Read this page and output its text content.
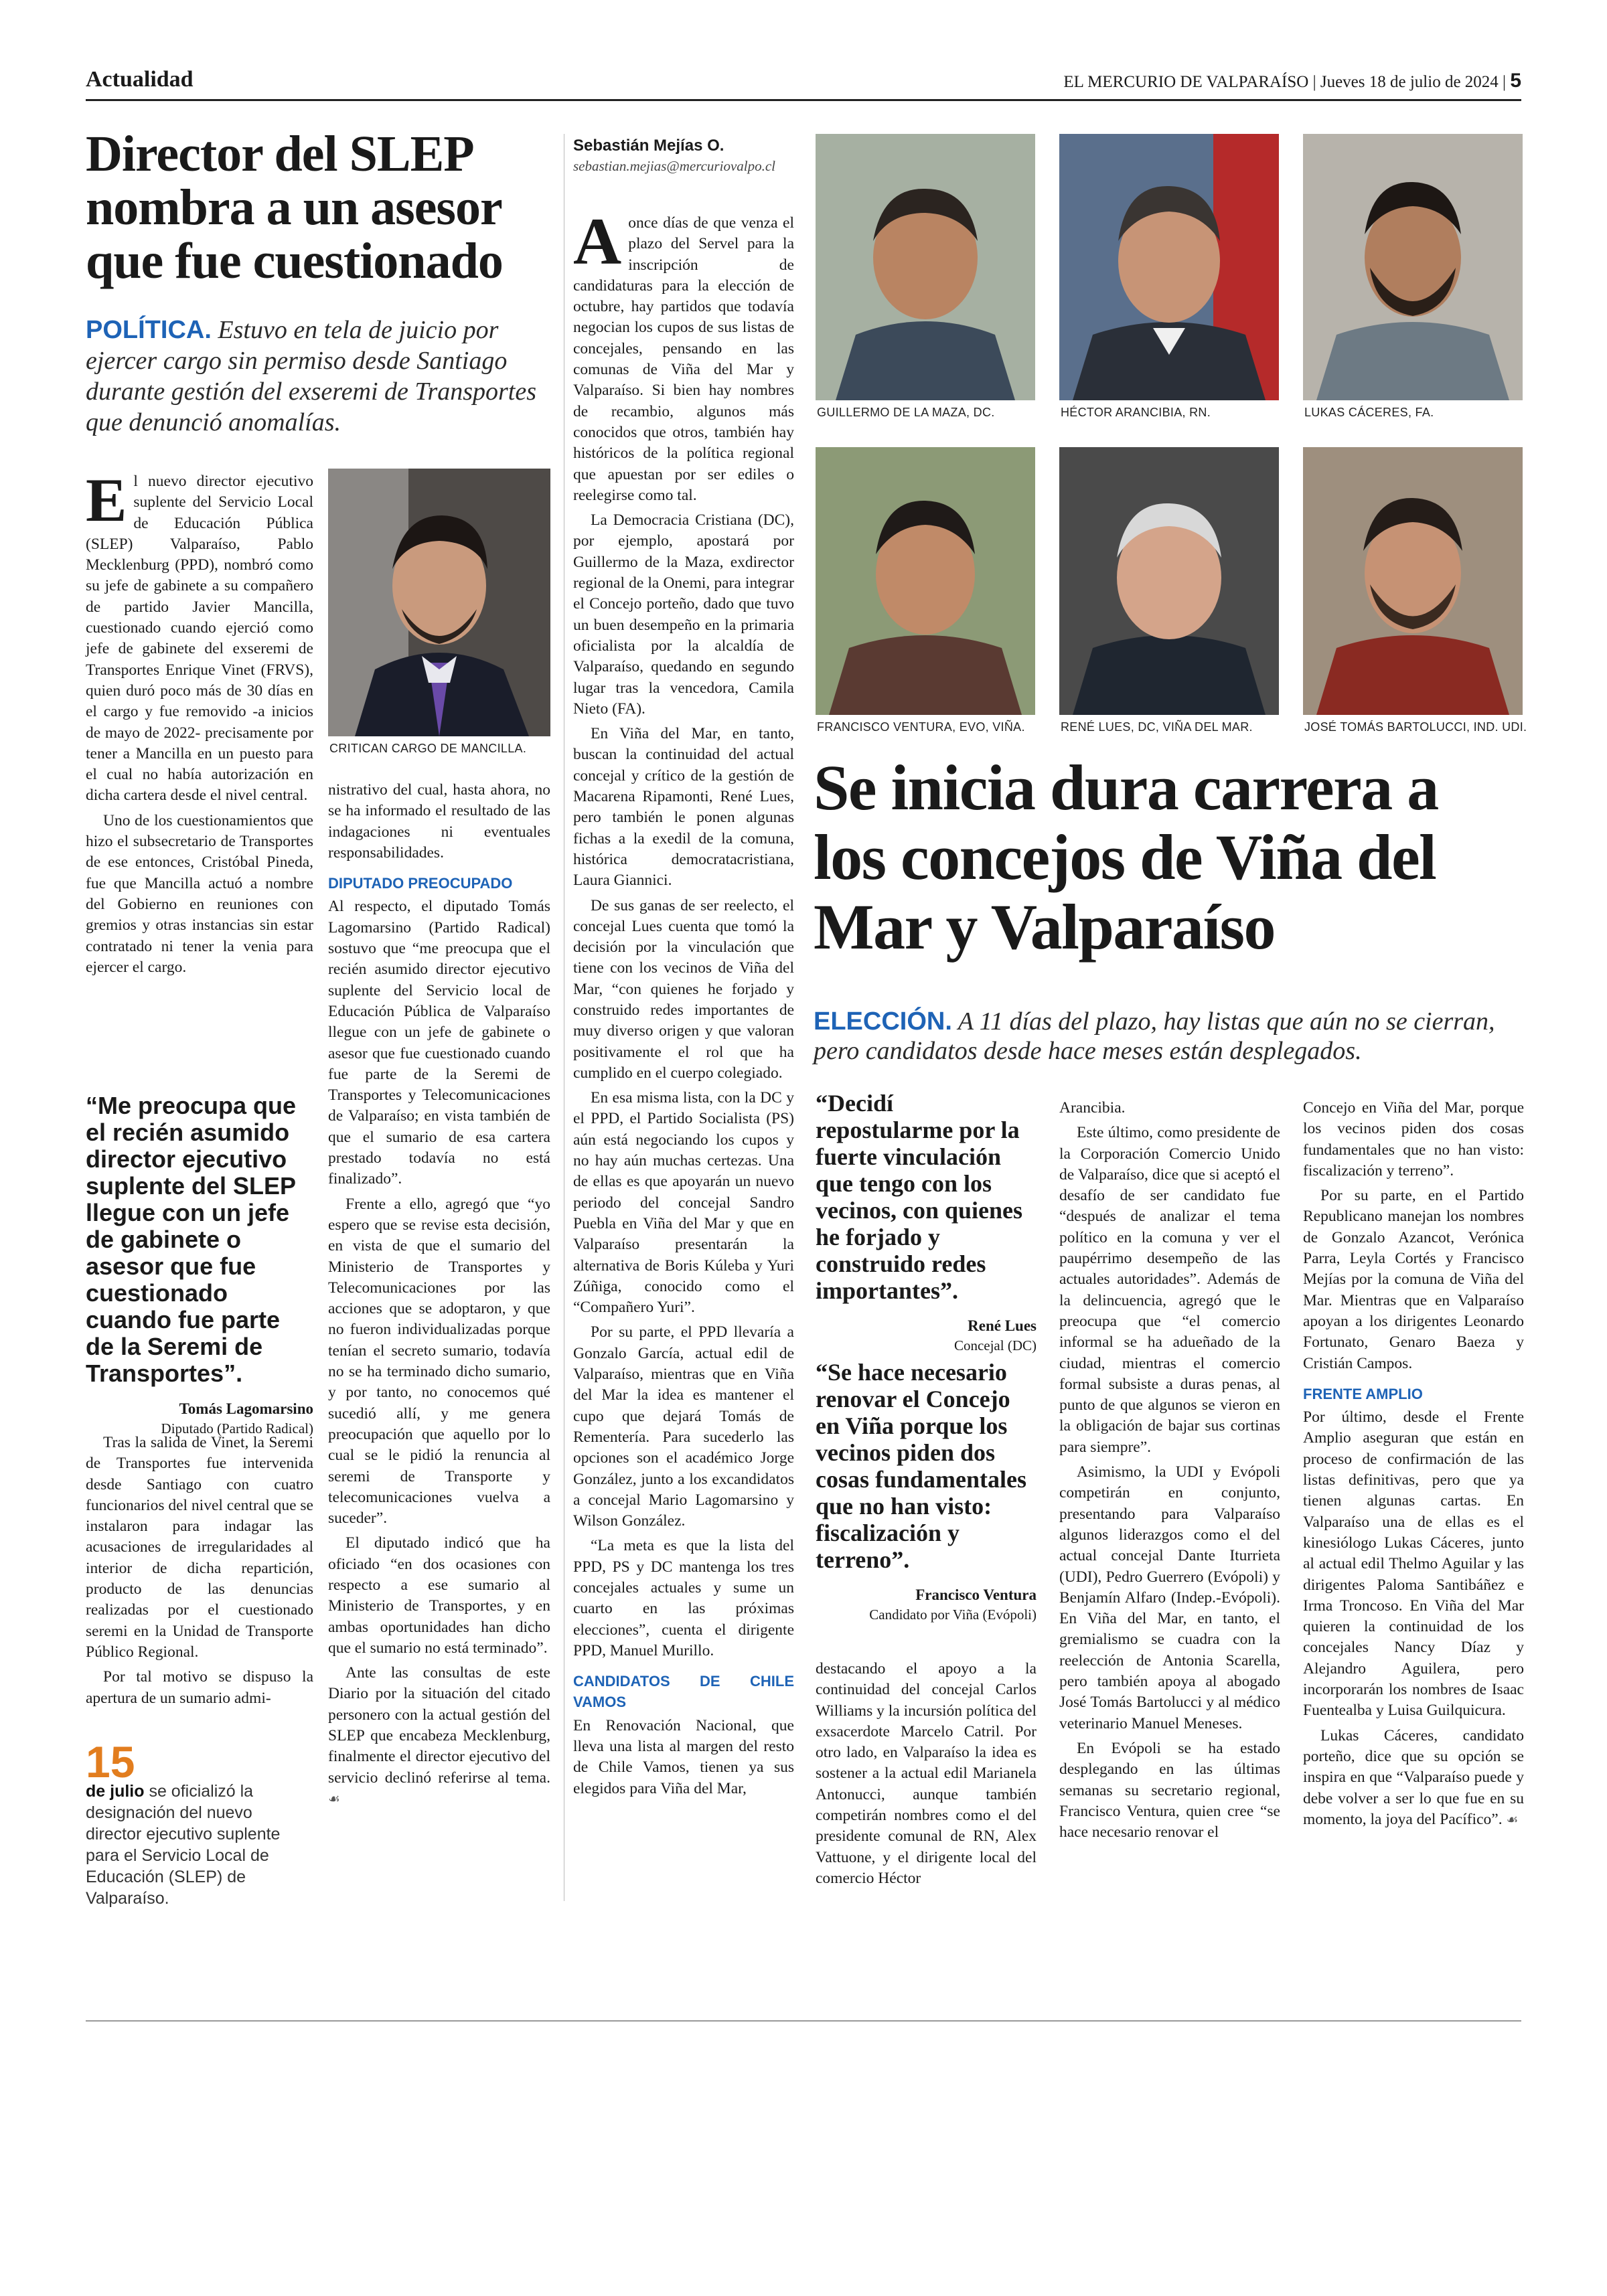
Actualidad	EL MERCURIO DE VALPARAÍSO | Jueves 18 de julio de 2024 | 5
Director del SLEP nombra a un asesor que fue cuestionado
POLÍTICA. Estuvo en tela de juicio por ejercer cargo sin permiso desde Santiago durante gestión del exseremi de Transportes que denunció anomalías.
CRITICAN CARGO DE MANCILLA.

El nuevo director ejecutivo suplente del Servicio Local de Educación Pública (SLEP) Valparaíso, Pablo Mecklenburg (PPD), nombró como su jefe de gabinete a su compañero de partido Javier Mancilla, cuestionado cuando ejerció como jefe de gabinete del exseremi de Transportes Enrique Vinet (FRVS), quien duró poco más de 30 días en el cargo y fue removido -a inicios de mayo de 2022- precisamente por tener a Mancilla en un puesto para el cual no había autorización en dicha cartera desde el nivel central.

Uno de los cuestionamientos que hizo el subsecretario de Transportes de ese entonces, Cristóbal Pineda, fue que Mancilla actuó a nombre del Gobierno en reuniones con gremios y otras instancias sin estar contratado ni tener la venia para ejercer el cargo.

“Me preocupa que el recién asumido director ejecutivo suplente del SLEP llegue con un jefe de gabinete o asesor que fue cuestionado cuando fue parte de la Seremi de Transportes”.
Tomás Lagomarsino
Diputado (Partido Radical)

Tras la salida de Vinet, la Seremi de Transportes fue intervenida desde Santiago con cuatro funcionarios del nivel central que se instalaron para indagar las acusaciones de irregularidades al interior de dicha repartición, producto de las denuncias realizadas por el cuestionado seremi en la Unidad de Transporte Público Regional.

Por tal motivo se dispuso la apertura de un sumario admi-

15
de julio se oficializó la designación del nuevo director ejecutivo suplente para el Servicio Local de Educación (SLEP) de Valparaíso.

nistrativo del cual, hasta ahora, no se ha informado el resultado de las indagaciones ni eventuales responsabilidades.

DIPUTADO PREOCUPADO

Al respecto, el diputado Tomás Lagomarsino (Partido Radical) sostuvo que “me preocupa que el recién asumido director ejecutivo suplente del Servicio local de Educación Pública de Valparaíso llegue con un jefe de gabinete o asesor que fue cuestionado cuando fue parte de la Seremi de Transportes y Telecomunicaciones de Valparaíso; en vista también de que el sumario de esa cartera prestado todavía no está finalizado”.

Frente a ello, agregó que “yo espero que se revise esta decisión, en vista de que el sumario del Ministerio de Transportes y Telecomunicaciones por las acciones que se adoptaron, y que no fueron individualizadas porque tenían el secreto sumario, todavía no se ha terminado dicho sumario, y por tanto, no conocemos qué sucedió allí, y me genera preocupación que aquello por lo cual se le pidió la renuncia al seremi de Transporte y telecomunicaciones vuelva a suceder”.

El diputado indicó que ha oficiado “en dos ocasiones con respecto a ese sumario al Ministerio de Transportes, y en ambas oportunidades han dicho que el sumario no está terminado”.

Ante las consultas de este Diario por la situación del citado personero con la actual gestión del SLEP que encabeza Mecklenburg, finalmente el director ejecutivo del servicio declinó referirse al tema. ☙

Sebastián Mejías O.
sebastian.mejias@mercuriovalpo.cl

A once días de que venza el plazo del Servel para la inscripción de candidaturas para la elección de octubre, hay partidos que todavía negocian los cupos de sus listas de concejales, pensando en las comunas de Viña del Mar y Valparaíso. Si bien hay nombres de recambio, algunos más conocidos que otros, también hay históricos de la política regional que apuestan por ser ediles o reelegirse como tal.

La Democracia Cristiana (DC), por ejemplo, apostará por Guillermo de la Maza, exdirector regional de la Onemi, para integrar el Concejo porteño, dado que tuvo un buen desempeño en la primaria oficialista por la alcaldía de Valparaíso, quedando en segundo lugar tras la vencedora, Camila Nieto (FA).

En Viña del Mar, en tanto, buscan la continuidad del actual concejal y crítico de la gestión de Macarena Ripamonti, René Lues, pero también le ponen algunas fichas a la exedil de la comuna, histórica democratacristiana, Laura Giannici.

De sus ganas de ser reelecto, el concejal Lues cuenta que tomó la decisión por la vinculación que tiene con los vecinos de Viña del Mar, “con quienes he forjado y construido redes importantes de muy diverso origen y que valoran positivamente el rol que ha cumplido en el cuerpo colegiado.

En esa misma lista, con la DC y el PPD, el Partido Socialista (PS) aún está negociando los cupos y no hay aún muchas certezas. Una de ellas es que apoyarán un nuevo periodo del concejal Sandro Puebla en Viña del Mar y que en Valparaíso presentarán la alternativa de Boris Kúleba y Yuri Zúñiga, conocido como el “Compañero Yuri”.

Por su parte, el PPD llevaría a Gonzalo García, actual edil de Valparaíso, mientras que en Viña del Mar la idea es mantener el cupo que dejará Tomás de Rementería. Para sucederlo las opciones son el académico Jorge González, junto a los excandidatos a concejal Mario Lagomarsino y Wilson González.

“La meta es que la lista del PPD, PS y DC mantenga los tres concejales actuales y sume un cuarto en las próximas elecciones”, cuenta el dirigente PPD, Manuel Murillo.

CANDIDATOS DE CHILE VAMOS

En Renovación Nacional, que lleva una lista al margen del resto de Chile Vamos, tienen ya sus elegidos para Viña del Mar,

GUILLERMO DE LA MAZA, DC.	HÉCTOR ARANCIBIA, RN.	LUKAS CÁCERES, FA.
FRANCISCO VENTURA, EVO, VIÑA.	RENÉ LUES, DC, VIÑA DEL MAR.	JOSÉ TOMÁS BARTOLUCCI, IND. UDI.
Se inicia dura carrera a los concejos de Viña del Mar y Valparaíso
ELECCIÓN. A 11 días del plazo, hay listas que aún no se cierran, pero candidatos desde hace meses están desplegados.
“Decidí repostularme por la fuerte vinculación que tengo con los vecinos, con quienes he forjado y construido redes importantes”.
René Lues
Concejal (DC)
“Se hace necesario renovar el Concejo en Viña porque los vecinos piden dos cosas fundamentales que no han visto: fiscalización y terreno”.
Francisco Ventura
Candidato por Viña (Evópoli)

destacando el apoyo a la continuidad del concejal Carlos Williams y la incursión política del exsacerdote Marcelo Catril. Por otro lado, en Valparaíso la idea es sostener a la actual edil Marianela Antonucci, aunque también competirán nombres como el del presidente comunal de RN, Alex Vattuone, y el dirigente local del comercio Héctor

Arancibia.

Este último, como presidente de la Corporación Comercio Unido de Valparaíso, dice que si aceptó el desafío de ser candidato fue “después de analizar el tema político en la comuna y ver el paupérrimo desempeño de las actuales autoridades”. Además de la delincuencia, agregó que le preocupa que “el comercio informal se ha adueñado de la ciudad, mientras el comercio formal subsiste a duras penas, al punto de que algunos se vieron en la obligación de bajar sus cortinas para siempre”.

Asimismo, la UDI y Evópoli competirán en conjunto, presentando para Valparaíso algunos liderazgos como el del actual concejal Dante Iturrieta (UDI), Pedro Guerrero (Evópoli) y Benjamín Alfaro (Indep.-Evópoli). En Viña del Mar, en tanto, el gremialismo se cuadra con la reelección de Antonia Scarella, pero también apoya al abogado José Tomás Bartolucci y al médico veterinario Manuel Meneses.

En Evópoli se ha estado desplegando en las últimas semanas su secretario regional, Francisco Ventura, quien cree “se hace necesario renovar el

Concejo en Viña del Mar, porque los vecinos piden dos cosas fundamentales que no han visto: fiscalización y terreno”.

Por su parte, en el Partido Republicano manejan los nombres de Gonzalo Azancot, Verónica Parra, Leyla Cortés y Francisco Mejías por la comuna de Viña del Mar. Mientras que en Valparaíso apoyan a los dirigentes Leonardo Fortunato, Genaro Baeza y Cristián Campos.

FRENTE AMPLIO

Por último, desde el Frente Amplio aseguran que están en proceso de confirmación de las listas definitivas, pero que ya tienen algunas cartas. En Valparaíso una de ellas es el kinesiólogo Lukas Cáceres, junto al actual edil Thelmo Aguilar y las dirigentes Paloma Santibáñez e Irma Troncoso. En Viña del Mar quieren la continuidad de los concejales Nancy Díaz y Alejandro Aguilera, pero incorporarán los nombres de Isaac Fuentealba y Luisa Guilquicura.

Lukas Cáceres, candidato porteño, dice que su opción se inspira en que “Valparaíso puede y debe volver a ser lo que fue en su momento, la joya del Pacífico”. ☙
